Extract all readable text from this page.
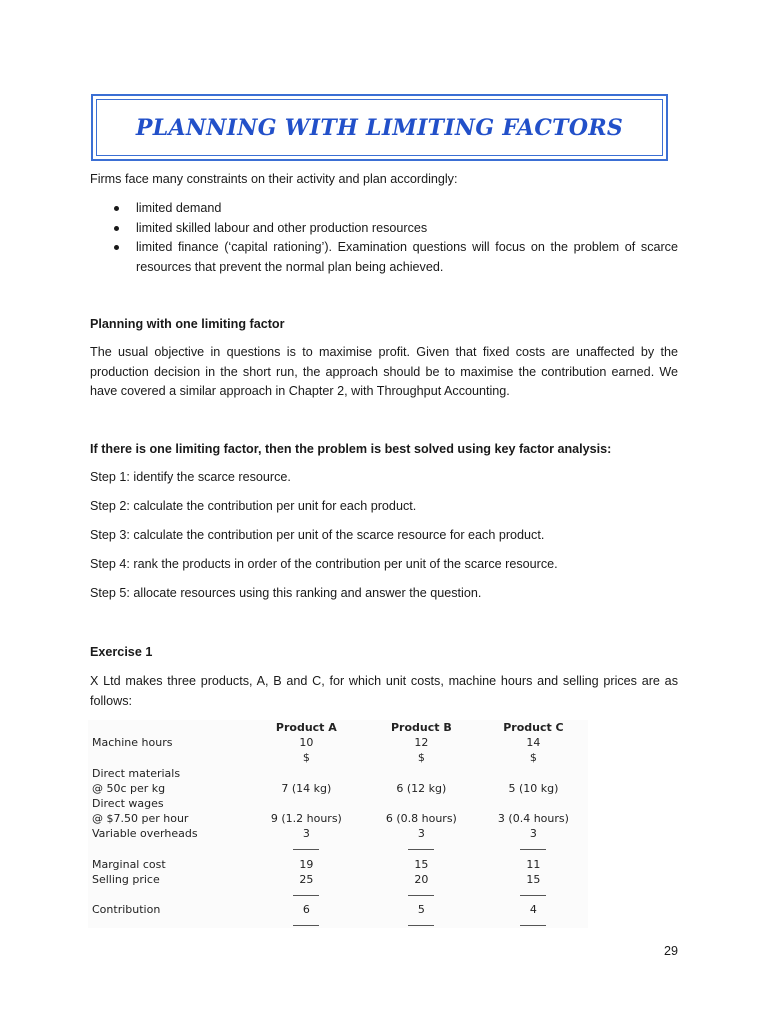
PLANNING WITH LIMITING FACTORS
Firms face many constraints on their activity and plan accordingly:
limited demand
limited skilled labour and other production resources
limited finance (‘capital rationing’). Examination questions will focus on the problem of scarce resources that prevent the normal plan being achieved.
Planning with one limiting factor
The usual objective in questions is to maximise profit. Given that fixed costs are unaffected by the production decision in the short run, the approach should be to maximise the contribution earned. We have covered a similar approach in Chapter 2, with Throughput Accounting.
If there is one limiting factor, then the problem is best solved using key factor analysis:
Step 1: identify the scarce resource.
Step 2: calculate the contribution per unit for each product.
Step 3: calculate the contribution per unit of the scarce resource for each product.
Step 4: rank the products in order of the contribution per unit of the scarce resource.
Step 5: allocate resources using this ranking and answer the question.
Exercise 1
X Ltd makes three products, A, B and C, for which unit costs, machine hours and selling prices are as follows:
	Product A	Product B	Product C
Machine hours	10	12	14
	$	$	$
Direct materials			
@ 50c per kg	7 (14 kg)	6 (12 kg)	5 (10 kg)
Direct wages			
@ $7.50 per hour	9 (1.2 hours)	6 (0.8 hours)	3 (0.4 hours)
Variable overheads	3	3	3

Marginal cost	19	15	11
Selling price	25	20	15

Contribution	6	5	4

29
